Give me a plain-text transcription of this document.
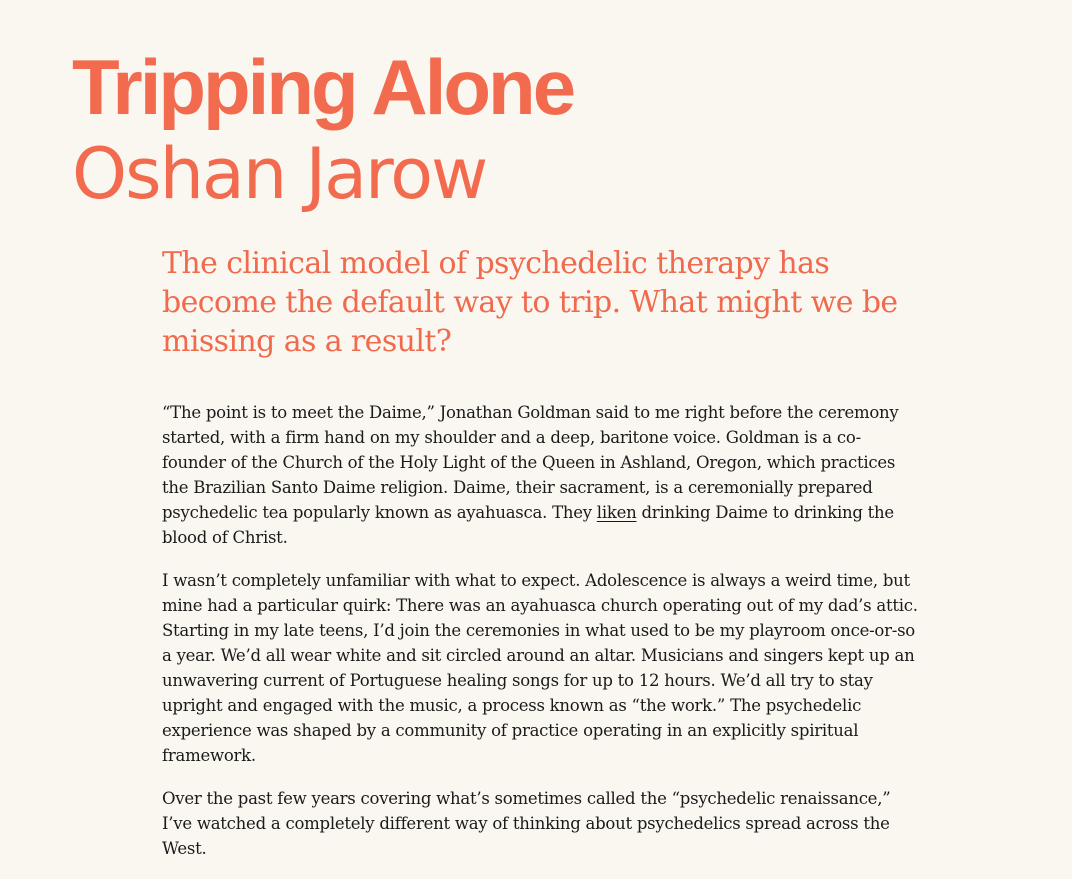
Tripping Alone
Oshan Jarow

The clinical model of psychedelic therapy has become the default way to trip. What might we be missing as a result?

“The point is to meet the Daime,” Jonathan Goldman said to me right before the ceremony started, with a firm hand on my shoulder and a deep, baritone voice. Goldman is a co-founder of the Church of the Holy Light of the Queen in Ashland, Oregon, which practices the Brazilian Santo Daime religion. Daime, their sacrament, is a ceremonially prepared psychedelic tea popularly known as ayahuasca. They liken drinking Daime to drinking the blood of Christ.

I wasn’t completely unfamiliar with what to expect. Adolescence is always a weird time, but mine had a particular quirk: There was an ayahuasca church operating out of my dad’s attic. Starting in my late teens, I’d join the ceremonies in what used to be my playroom once-or-so a year. We’d all wear white and sit circled around an altar. Musicians and singers kept up an unwavering current of Portuguese healing songs for up to 12 hours. We’d all try to stay upright and engaged with the music, a process known as “the work.” The psychedelic experience was shaped by a community of practice operating in an explicitly spiritual framework.

Over the past few years covering what’s sometimes called the “psychedelic renaissance,” I’ve watched a completely different way of thinking about psychedelics spread across the West.
